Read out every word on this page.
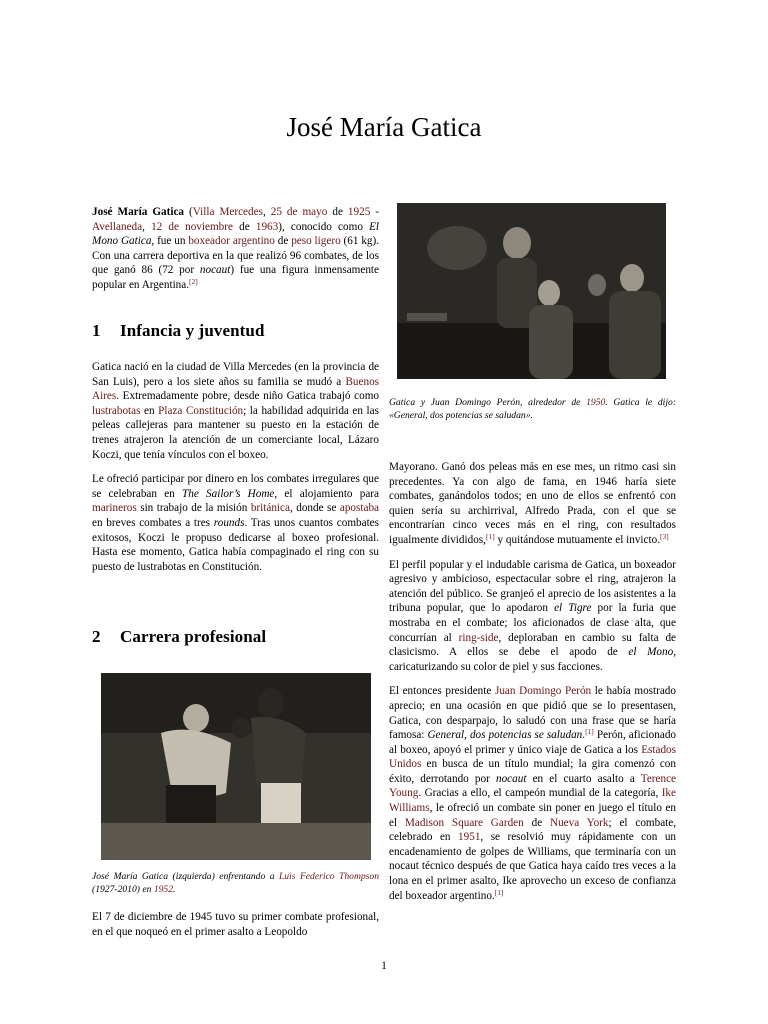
José María Gatica
José María Gatica (Villa Mercedes, 25 de mayo de 1925 - Avellaneda, 12 de noviembre de 1963), conocido como El Mono Gatica, fue un boxeador argentino de peso ligero (61 kg). Con una carrera deportiva en la que realizó 96 combates, de los que ganó 86 (72 por nocaut) fue una figura inmensamente popular en Argentina.[2]
1 Infancia y juventud

Gatica nació en la ciudad de Villa Mercedes (en la provincia de San Luis), pero a los siete años su familia se mudó a Buenos Aires. Extremadamente pobre, desde niño Gatica trabajó como lustrabotas en Plaza Constitución; la habilidad adquirida en las peleas callejeras para mantener su puesto en la estación de trenes atrajeron la atención de un comerciante local, Lázaro Koczi, que tenía vínculos con el boxeo.

Le ofreció participar por dinero en los combates irregulares que se celebraban en The Sailor’s Home, el alojamiento para marineros sin trabajo de la misión británica, donde se apostaba en breves combates a tres rounds. Tras unos cuantos combates exitosos, Koczi le propuso dedicarse al boxeo profesional. Hasta ese momento, Gatica había compaginado el ring con su puesto de lustrabotas en Constitución.

2 Carrera profesional
Gatica y Juan Domingo Perón, alrededor de 1950. Gatica le dijo: «General, dos potencias se saludan».
José María Gatica (izquierda) enfrentando a Luis Federico Thompson (1927-2010) en 1952.
El 7 de diciembre de 1945 tuvo su primer combate profesional, en el que noqueó en el primer asalto a Leopoldo

Mayorano. Ganó dos peleas más en ese mes, un ritmo casi sin precedentes. Ya con algo de fama, en 1946 haría siete combates, ganándolos todos; en uno de ellos se enfrentó con quien sería su archirrival, Alfredo Prada, con el que se encontrarían cinco veces más en el ring, con resultados igualmente divididos,[1] y quitándose mutuamente el invicto.[3]

El perfil popular y el indudable carisma de Gatica, un boxeador agresivo y ambicioso, espectacular sobre el ring, atrajeron la atención del público. Se granjeó el aprecio de los asistentes a la tribuna popular, que lo apodaron el Tigre por la furia que mostraba en el combate; los aficionados de clase alta, que concurrían al ring-side, deploraban en cambio su falta de clasicismo. A ellos se debe el apodo de el Mono, caricaturizando su color de piel y sus facciones.

El entonces presidente Juan Domingo Perón le había mostrado aprecio; en una ocasión en que pidió que se lo presentasen, Gatica, con desparpajo, lo saludó con una frase que se haría famosa: General, dos potencias se saludan.[1] Perón, aficionado al boxeo, apoyó el primer y único viaje de Gatica a los Estados Unidos en busca de un título mundial; la gira comenzó con éxito, derrotando por nocaut en el cuarto asalto a Terence Young. Gracias a ello, el campeón mundial de la categoría, Ike Williams, le ofreció un combate sin poner en juego el título en el Madison Square Garden de Nueva York; el combate, celebrado en 1951, se resolvió muy rápidamente con un encadenamiento de golpes de Williams, que terminaría con un nocaut técnico después de que Gatica haya caído tres veces a la lona en el primer asalto, Ike aprovecho un exceso de confianza del boxeador argentino.[1]

1
